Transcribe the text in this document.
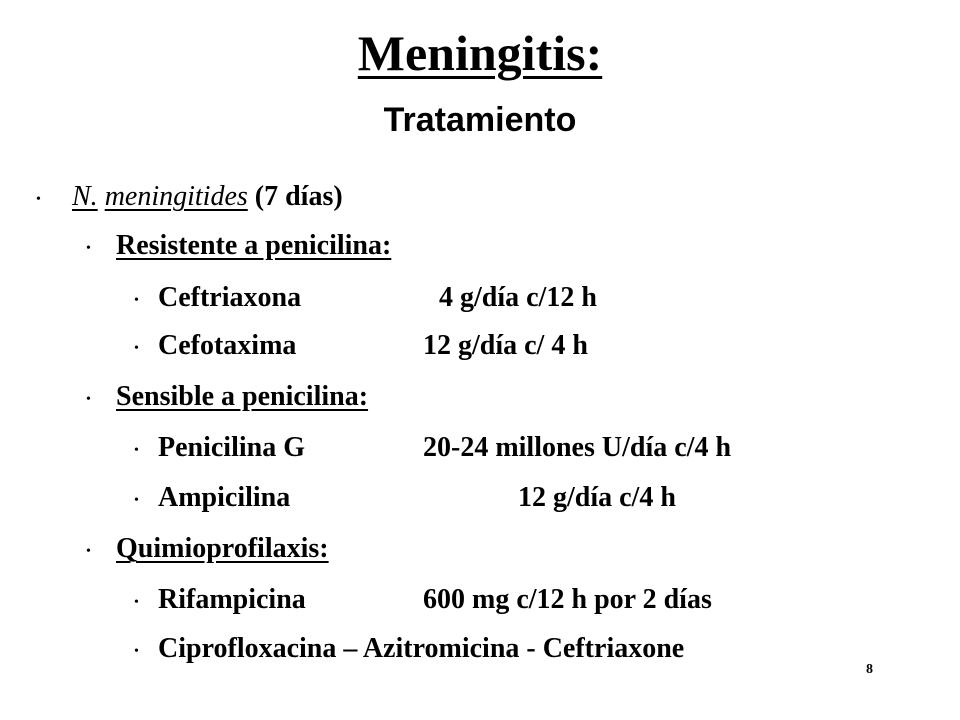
Meningitis:
Tratamiento
• N. meningitides (7 días)
• Resistente a penicilina:
• Ceftriaxona	4 g/día c/12 h
• Cefotaxima	12 g/día c/ 4 h
• Sensible a penicilina:
• Penicilina G	20-24 millones U/día c/4 h
• Ampicilina	12 g/día c/4 h
• Quimioprofilaxis:
• Rifampicina	600 mg c/12 h por 2 días
• Ciprofloxacina – Azitromicina - Ceftriaxone
8
